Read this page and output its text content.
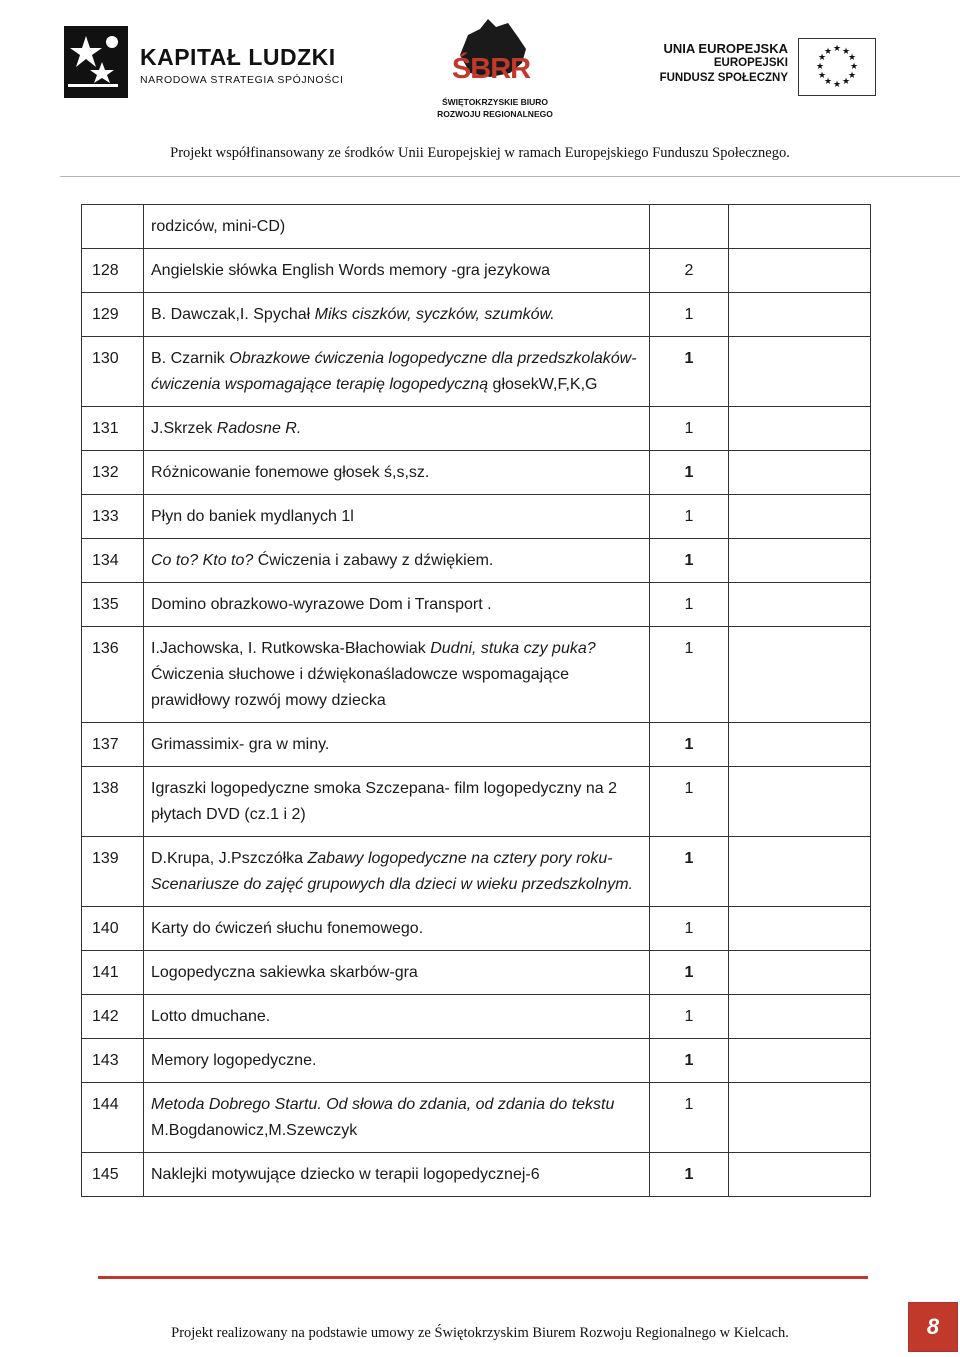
KAPITAŁ LUDZKI
NARODOWA STRATEGIA SPÓJNOŚCI	ŚBRR
ŚWIĘTOKRZYSKIE BIURO
ROZWOJU REGIONALNEGO
UNIA EUROPEJSKA
EUROPEJSKI
FUNDUSZ SPOŁECZNY
★ ★
★
★
★
★
★
★
★
★
★
★
Projekt współfinansowany ze środków Unii Europejskiej w ramach Europejskiego Funduszu Społecznego.
	rodziców, mini-CD)		
128	Angielskie słówka English Words memory -gra jezykowa	2	
129	B. Dawczak,I. Spychał Miks ciszków, syczków, szumków.	1	
130	B. Czarnik Obrazkowe ćwiczenia logopedyczne dla przedszkolaków-ćwiczenia wspomagające terapię logopedyczną głosekW,F,K,G	1	
131	J.Skrzek Radosne R.	1	
132	Różnicowanie fonemowe głosek ś,s,sz.	1	
133	Płyn do baniek mydlanych 1l	1	
134	Co to? Kto to? Ćwiczenia i zabawy z dźwiękiem.	1	
135	Domino obrazkowo-wyrazowe Dom i Transport .	1	
136	I.Jachowska, I. Rutkowska-Błachowiak Dudni, stuka czy puka? Ćwiczenia słuchowe i dźwiękonaśladowcze wspomagające prawidłowy rozwój mowy dziecka	1	
137	Grimassimix- gra w miny.	1	
138	Igraszki logopedyczne smoka Szczepana- film logopedyczny na 2 płytach DVD (cz.1 i 2)	1	
139	D.Krupa, J.Pszczółka Zabawy logopedyczne na cztery pory roku-Scenariusze do zajęć grupowych dla dzieci w wieku przedszkolnym.	1	
140	Karty do ćwiczeń słuchu fonemowego.	1	
141	Logopedyczna sakiewka skarbów-gra	1	
142	Lotto dmuchane.	1	
143	Memory logopedyczne.	1	
144	Metoda Dobrego Startu. Od słowa do zdania, od zdania do tekstu M.Bogdanowicz,M.Szewczyk	1	
145	Naklejki motywujące dziecko w terapii logopedycznej-6	1	
Projekt realizowany na podstawie umowy ze Świętokrzyskim Biurem Rozwoju Regionalnego w Kielcach.	8
